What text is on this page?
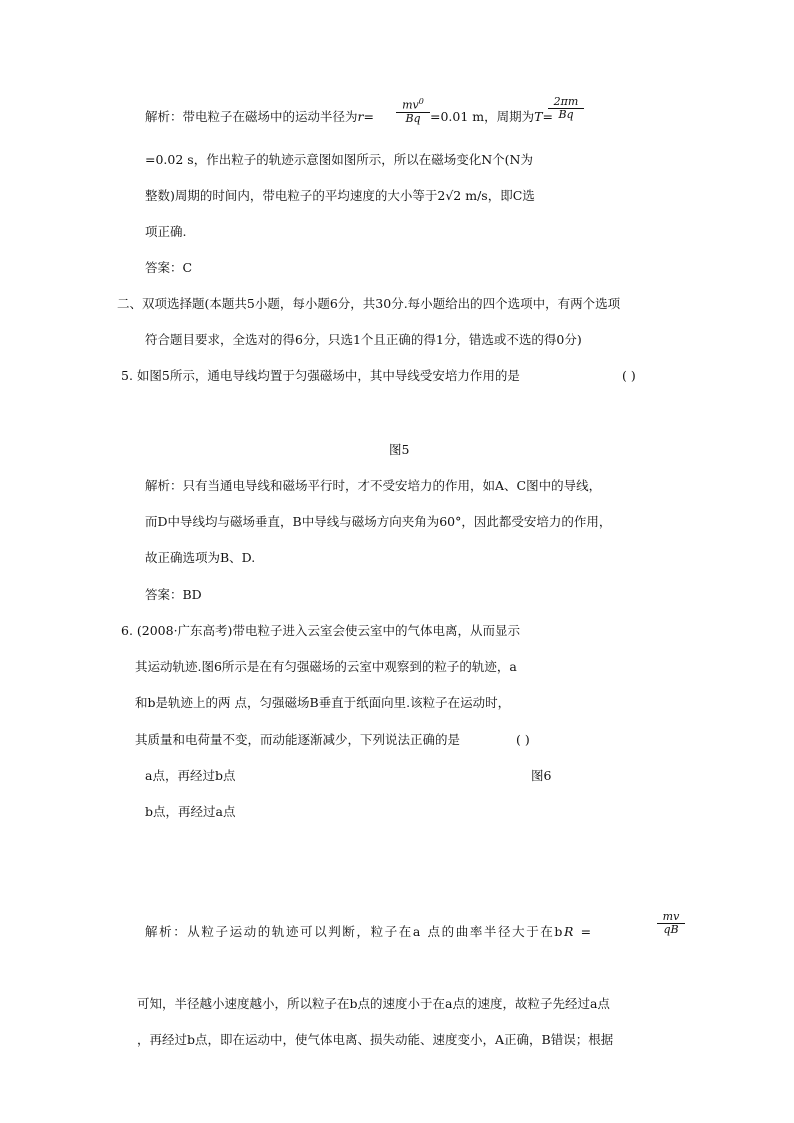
解析：带电粒子在磁场中的运动半径为$r= \frac{mv^0}{Bq} =0.01$ m，周期为T=
$\frac{2\pi m}{Bq}$
=0.02 s，作出粒子的轨迹示意图如图所示，所以在磁场变化N个(N为
整数)周期的时间内，带电粒子的平均速度的大小等于2√2 m/s，即C选
项正确.
答案：C
二、双项选择题(本题共5小题，每小题6分，共30分.每小题给出的四个选项中，有两个选项
符合题目要求，全选对的得6分，只选1个且正确的得1分，错选或不选的得0分)
5. 如图5所示，通电导线均置于匀强磁场中，其中导线受安培力作用的是	( )
图5
解析：只有当通电导线和磁场平行时，才不受安培力的作用，如A、C图中的导线，
而D中导线均与磁场垂直，B中导线与磁场方向夹角为60°，因此都受安培力的作用，
故正确选项为B、D.
答案：BD
6. (2008·广东高考)带电粒子进入云室会使云室中的气体电离，从而显示
其运动轨迹.图6所示是在有匀强磁场的云室中观察到的粒子的轨迹，a
和b是轨迹上的两 点，匀强磁场B垂直于纸面向里.该粒子在运动时，
其质量和电荷量不变，而动能逐渐减少，下列说法正确的是	( )
a点，再经过b点	图6
b点，再经过a点
解析：从粒子运动的轨迹可以判断，粒子在a 点的曲率半径大于在bR =	$\frac{mv}{qB}$
可知，半径越小速度越小，所以粒子在b点的速度小于在a点的速度，故粒子先经过a点
，再经过b点，即在运动中，使气体电离、损失动能、速度变小，A正确，B错误；根据
